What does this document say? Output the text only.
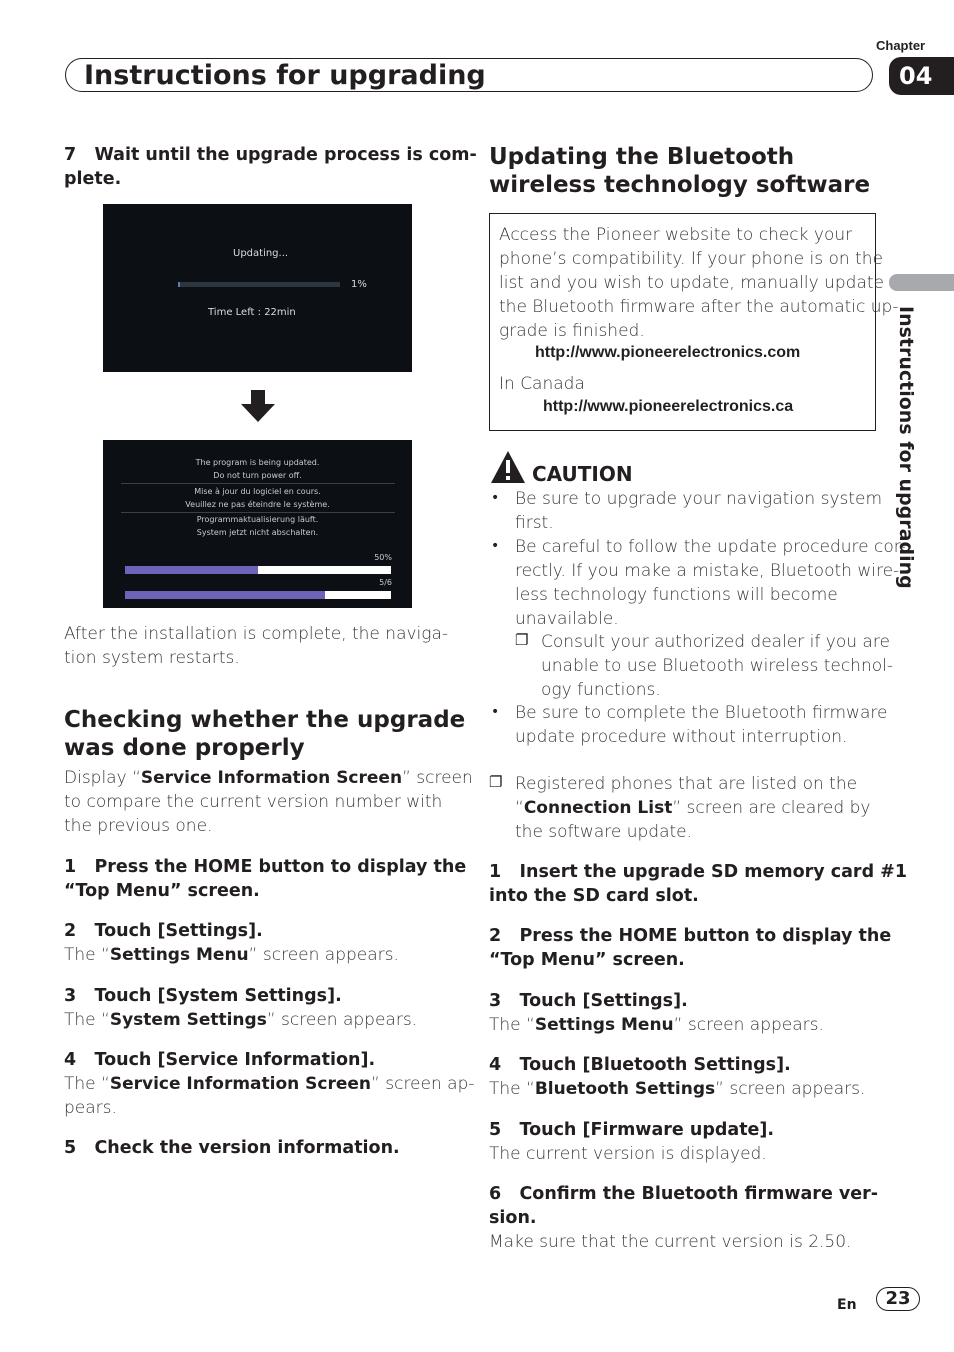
Chapter
Instructions for upgrading	04
Instructions for upgrading
7 Wait until the upgrade process is com-
plete.
Updating...
1%
Time Left : 22min
The program is being updated.
Do not turn power off.
Mise à jour du logiciel en cours.
Veuillez ne pas éteindre le système.
Programmaktualisierung läuft.
System jetzt nicht abschalten.
50%
5/6
After the installation is complete, the naviga-
tion system restarts.
Checking whether the upgrade
was done properly
Display “Service Information Screen” screen
to compare the current version number with
the previous one.
1 Press the HOME button to display the
“Top Menu” screen.
2 Touch [Settings].
The “Settings Menu” screen appears.
3 Touch [System Settings].
The “System Settings” screen appears.
4 Touch [Service Information].
The “Service Information Screen” screen ap-
pears.
5 Check the version information.
Updating the Bluetooth
wireless technology software
Access the Pioneer website to check your
phone’s compatibility. If your phone is on the
list and you wish to update, manually update
the Bluetooth firmware after the automatic up-
grade is finished.
http://www.pioneerelectronics.com
In Canada
http://www.pioneerelectronics.ca
CAUTION
• Be sure to upgrade your navigation system
first.
• Be careful to follow the update procedure cor-
rectly. If you make a mistake, Bluetooth wire-
less technology functions will become
unavailable.
❐ Consult your authorized dealer if you are
unable to use Bluetooth wireless technol-
ogy functions.
• Be sure to complete the Bluetooth firmware
update procedure without interruption.
❐ Registered phones that are listed on the
“Connection List” screen are cleared by
the software update.
1 Insert the upgrade SD memory card #1
into the SD card slot.
2 Press the HOME button to display the
“Top Menu” screen.
3 Touch [Settings].
The “Settings Menu” screen appears.
4 Touch [Bluetooth Settings].
The “Bluetooth Settings” screen appears.
5 Touch [Firmware update].
The current version is displayed.
6 Confirm the Bluetooth firmware ver-
sion.
Make sure that the current version is 2.50.
En	23
